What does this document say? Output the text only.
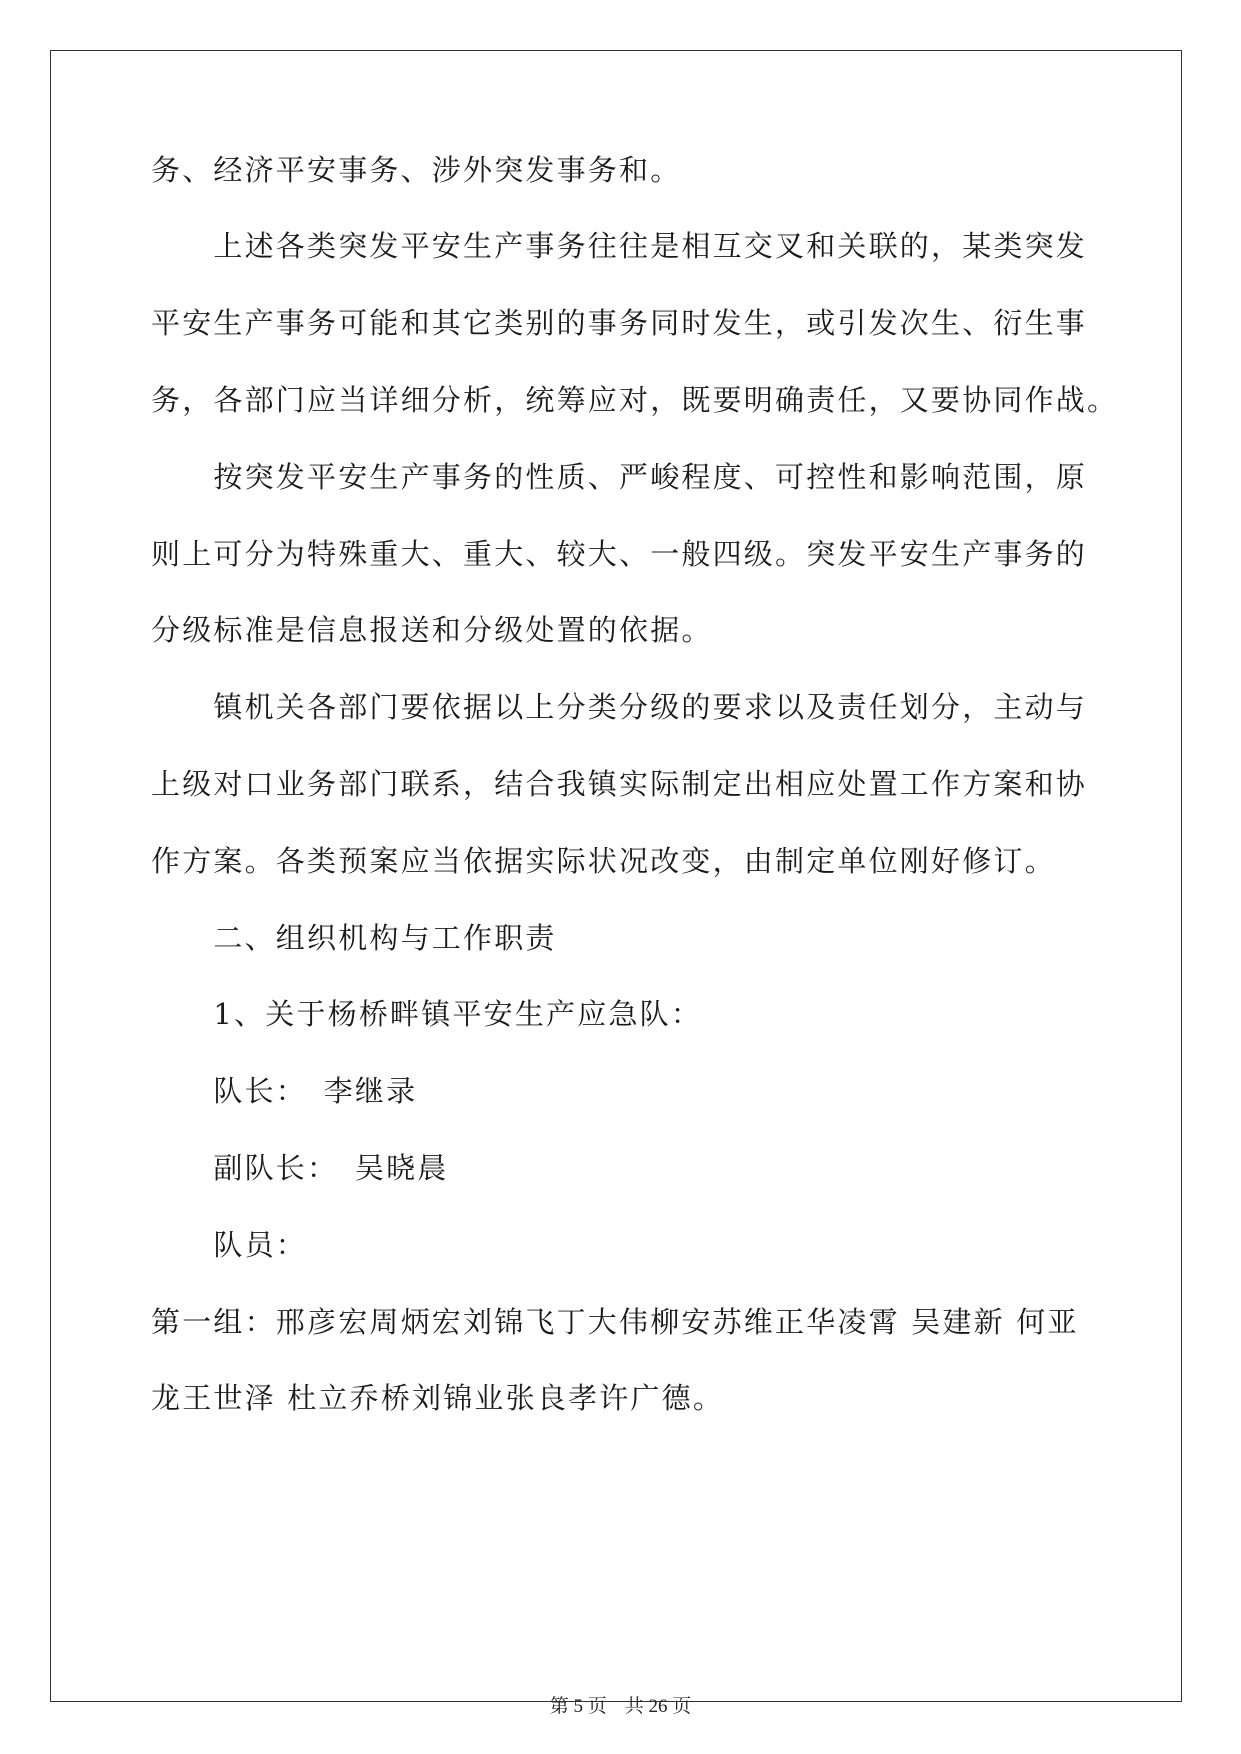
务、经济平安事务、涉外突发事务和。
　　上述各类突发平安生产事务往往是相互交叉和关联的，某类突发
平安生产事务可能和其它类别的事务同时发生，或引发次生、衍生事
务，各部门应当详细分析，统筹应对，既要明确责任，又要协同作战。
　　按突发平安生产事务的性质、严峻程度、可控性和影响范围，原
则上可分为特殊重大、重大、较大、一般四级。突发平安生产事务的
分级标准是信息报送和分级处置的依据。
　　镇机关各部门要依据以上分类分级的要求以及责任划分，主动与
上级对口业务部门联系，结合我镇实际制定出相应处置工作方案和协
作方案。各类预案应当依据实际状况改变，由制定单位刚好修订。
　　二、组织机构与工作职责
　　1、关于杨桥畔镇平安生产应急队：
　　队长：　李继录
　　副队长：　吴晓晨
　　队员：
第一组：邢彦宏周炳宏刘锦飞丁大伟柳安苏维正华凌霄 吴建新 何亚
龙王世泽 杜立乔桥刘锦业张良孝许广德。
第 5 页 共 26 页
